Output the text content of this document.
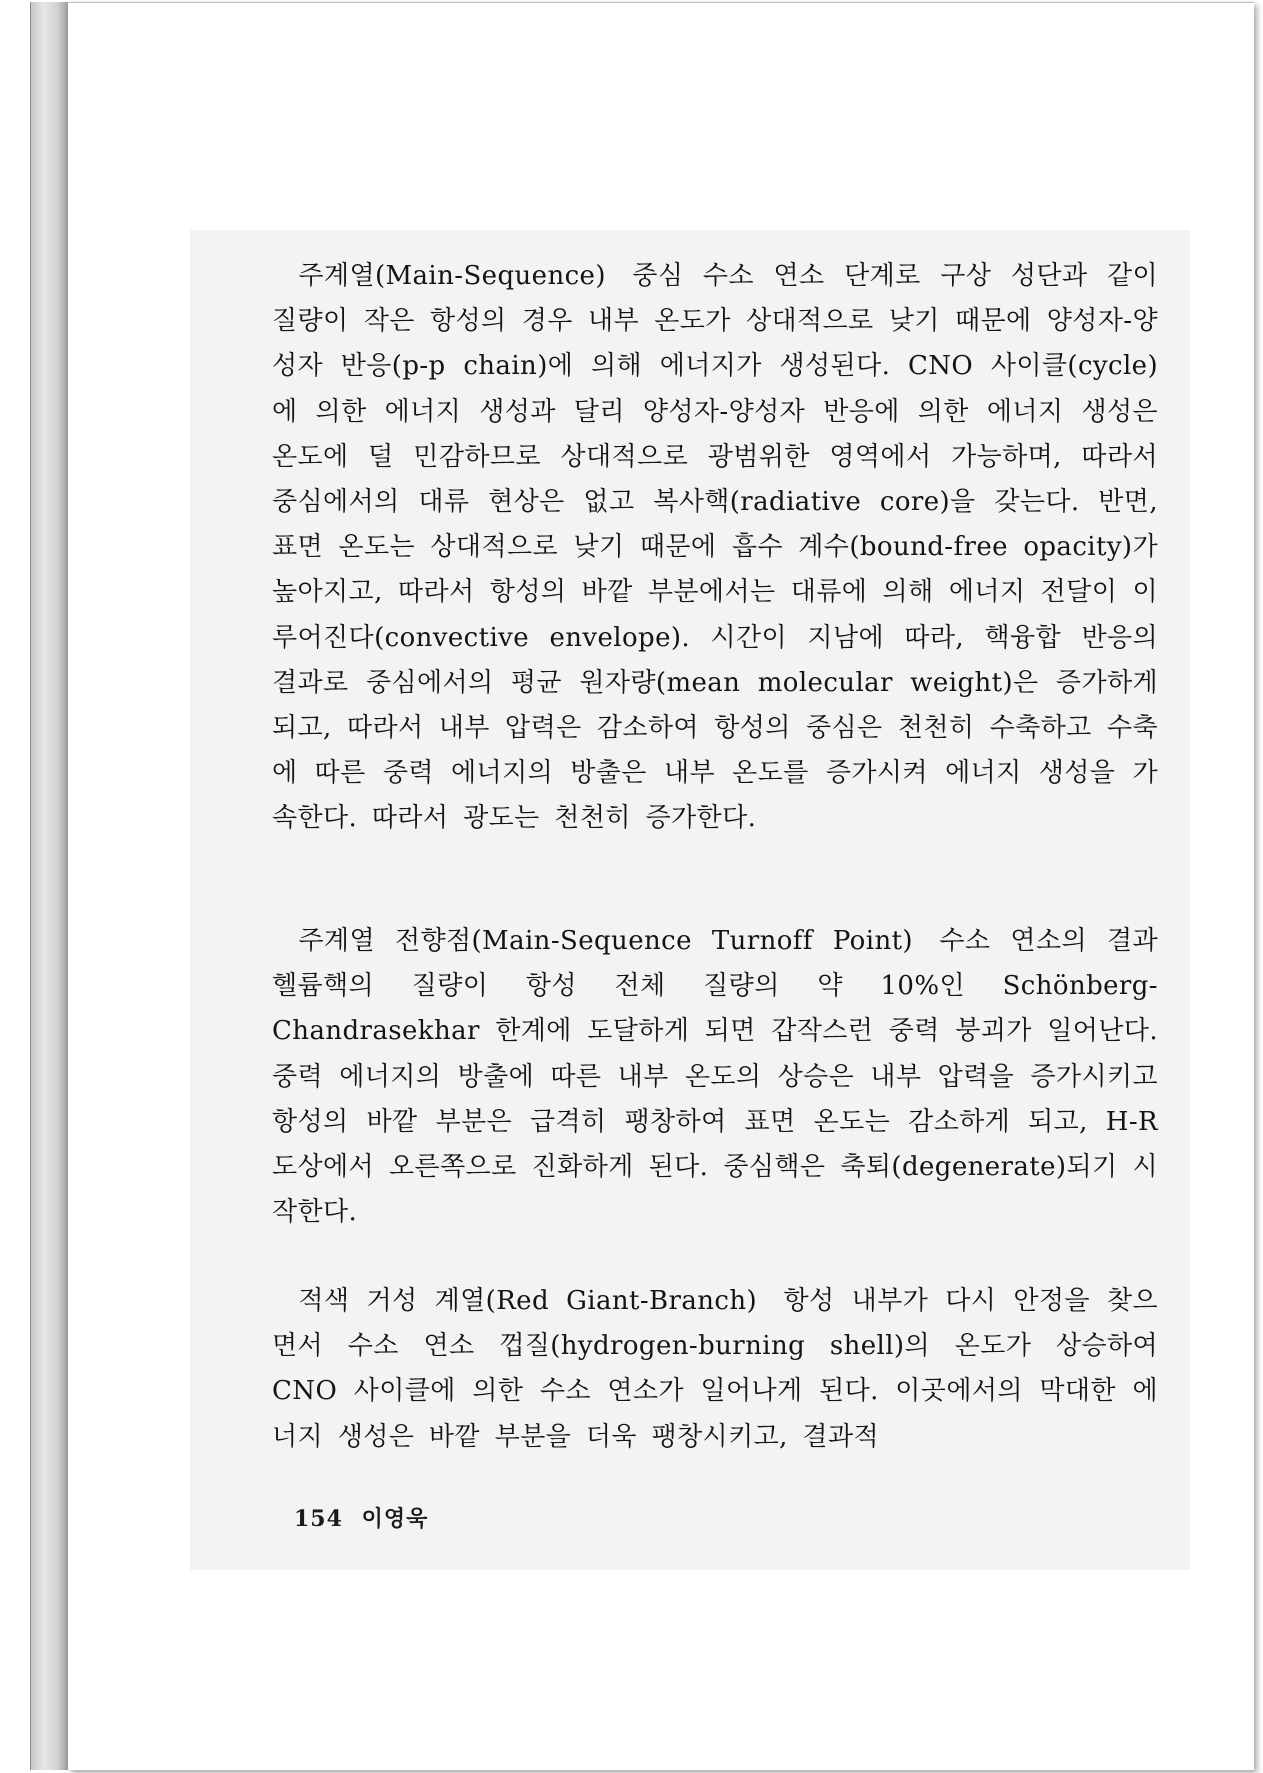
 주계열(Main-Sequence)  중심 수소 연소 단계로 구상 성단과 같이 질량이 작은 항성의 경우 내부 온도가 상대적으로 낮기 때문에 양성자-양성자 반응(p-p chain)에 의해 에너지가 생성된다. CNO 사이클(cycle)에 의한 에너지 생성과 달리 양성자-양성자 반응에 의한 에너지 생성은 온도에 덜 민감하므로 상대적으로 광범위한 영역에서 가능하며, 따라서 중심에서의 대류 현상은 없고 복사핵(radiative core)을 갖는다. 반면, 표면 온도는 상대적으로 낮기 때문에 흡수 계수(bound-free opacity)가 높아지고, 따라서 항성의 바깥 부분에서는 대류에 의해 에너지 전달이 이루어진다(convective envelope). 시간이 지남에 따라, 핵융합 반응의 결과로 중심에서의 평균 원자량(mean molecular weight)은 증가하게 되고, 따라서 내부 압력은 감소하여 항성의 중심은 천천히 수축하고 수축에 따른 중력 에너지의 방출은 내부 온도를 증가시켜 에너지 생성을 가속한다. 따라서 광도는 천천히 증가한다.

 주계열 전향점(Main-Sequence Turnoff Point)  수소 연소의 결과 헬륨핵의 질량이 항성 전체 질량의 약 10%인 Schönberg-Chandrasekhar 한계에 도달하게 되면 갑작스런 중력 붕괴가 일어난다. 중력 에너지의 방출에 따른 내부 온도의 상승은 내부 압력을 증가시키고 항성의 바깥 부분은 급격히 팽창하여 표면 온도는 감소하게 되고, H-R 도상에서 오른쪽으로 진화하게 된다. 중심핵은 축퇴(degenerate)되기 시작한다.

 적색 거성 계열(Red Giant-Branch)  항성 내부가 다시 안정을 찾으면서 수소 연소 껍질(hydrogen-burning shell)의 온도가 상승하여 CNO 사이클에 의한 수소 연소가 일어나게 된다. 이곳에서의 막대한 에너지 생성은 바깥 부분을 더욱 팽창시키고, 결과적

154 이영욱
